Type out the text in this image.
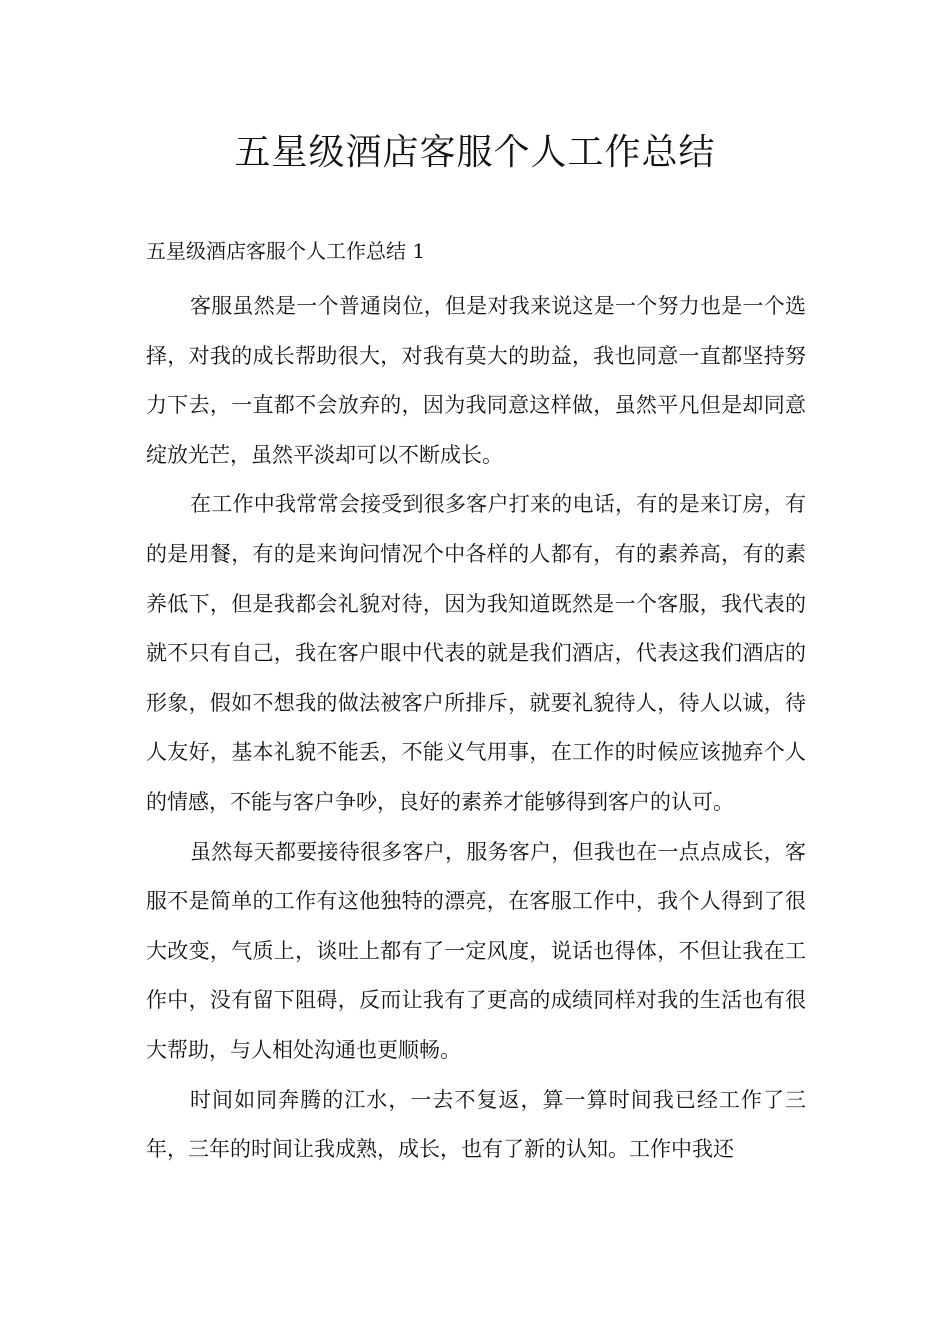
五星级酒店客服个人工作总结
五星级酒店客服个人工作总结 1

客服虽然是一个普通岗位，但是对我来说这是一个努力也是一个选择，对我的成长帮助很大，对我有莫大的助益，我也同意一直都坚持努力下去，一直都不会放弃的，因为我同意这样做，虽然平凡但是却同意绽放光芒，虽然平淡却可以不断成长。

在工作中我常常会接受到很多客户打来的电话，有的是来订房，有的是用餐，有的是来询问情况个中各样的人都有，有的素养高，有的素养低下，但是我都会礼貌对待，因为我知道既然是一个客服，我代表的就不只有自己，我在客户眼中代表的就是我们酒店，代表这我们酒店的形象，假如不想我的做法被客户所排斥，就要礼貌待人，待人以诚，待人友好，基本礼貌不能丢，不能义气用事，在工作的时候应该抛弃个人的情感，不能与客户争吵，良好的素养才能够得到客户的认可。

虽然每天都要接待很多客户，服务客户，但我也在一点点成长，客服不是简单的工作有这他独特的漂亮，在客服工作中，我个人得到了很大改变，气质上，谈吐上都有了一定风度，说话也得体，不但让我在工作中，没有留下阻碍，反而让我有了更高的成绩同样对我的生活也有很大帮助，与人相处沟通也更顺畅。

时间如同奔腾的江水，一去不复返，算一算时间我已经工作了三年，三年的时间让我成熟，成长，也有了新的认知。工作中我还
